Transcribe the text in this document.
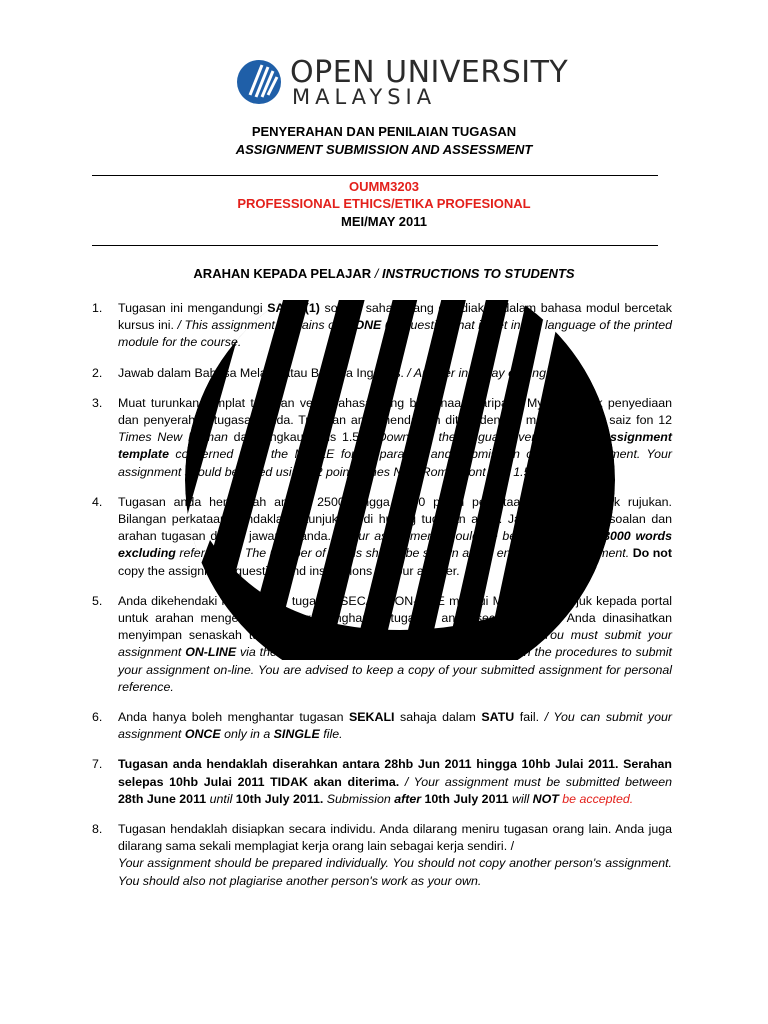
OPEN UNIVERSITY
MALAYSIA
PENYERAHAN DAN PENILAIAN TUGASAN
ASSIGNMENT SUBMISSION AND ASSESSMENT
OUMM3203
PROFESSIONAL ETHICS/ETIKA PROFESIONAL
MEI/MAY 2011
ARAHAN KEPADA PELAJAR / INSTRUCTIONS TO STUDENTS
1. Tugasan ini mengandungi SATU (1) soalan sahaja yang disediakan dalam bahasa modul bercetak kursus ini. / This assignment contains only ONE (1) question that is set in the language of the printed module for the course.
2. Jawab dalam Bahasa Melayu atau Bahasa Inggeris. / Answer in Malay or English.
3. Muat turunkan templat tugasan versi bahasa yang berkenaan daripada MyVLE untuk penyediaan dan penyerahan tugasan anda. Tugasan anda hendaklah ditaip dengan menggunakan saiz fon 12 Times New Roman dan langkau baris 1.5. / Download the language version of the assignment template concerned from the MyVLE for preparation and submission of your assignment. Your assignment should be typed using 12 point Times New Roman font and 1.5 line spacing.
4. Tugasan anda hendaklah antara 2500 hingga 3000 patah perkataan tidak termasuk rujukan. Bilangan perkataan hendaklah ditunjukkan di hujung tugasan anda. Jangan menyalin soalan dan arahan tugasan dalam jawapan anda. / Your assignment should be between 2500 to 3000 words excluding references. The number of words should be shown at the end of your assignment. Do not copy the assignment question and instructions to your answer.
5. Anda dikehendaki menghantar tugasan SECARA ON-LINE melalui MyVLE. Sila rujuk kepada portal untuk arahan mengenai prosedur menghantar tugasan anda secara on-line. Anda dinasihatkan menyimpan senaskah tugasan yang diserahkan untuk rujukan sendiri. / You must submit your assignment ON-LINE via the MyVLE. Refer to the portal for instructions on the procedures to submit your assignment on-line. You are advised to keep a copy of your submitted assignment for personal reference.
6. Anda hanya boleh menghantar tugasan SEKALI sahaja dalam SATU fail. / You can submit your assignment ONCE only in a SINGLE file.
7. Tugasan anda hendaklah diserahkan antara 28hb Jun 2011 hingga 10hb Julai 2011. Serahan selepas 10hb Julai 2011 TIDAK akan diterima. / Your assignment must be submitted between 28th June 2011 until 10th July 2011. Submission after 10th July 2011 will NOT be accepted.
8. Tugasan hendaklah disiapkan secara individu. Anda dilarang meniru tugasan orang lain. Anda juga dilarang sama sekali memplagiat kerja orang lain sebagai kerja sendiri. /
Your assignment should be prepared individually. You should not copy another person's assignment. You should also not plagiarise another person's work as your own.
